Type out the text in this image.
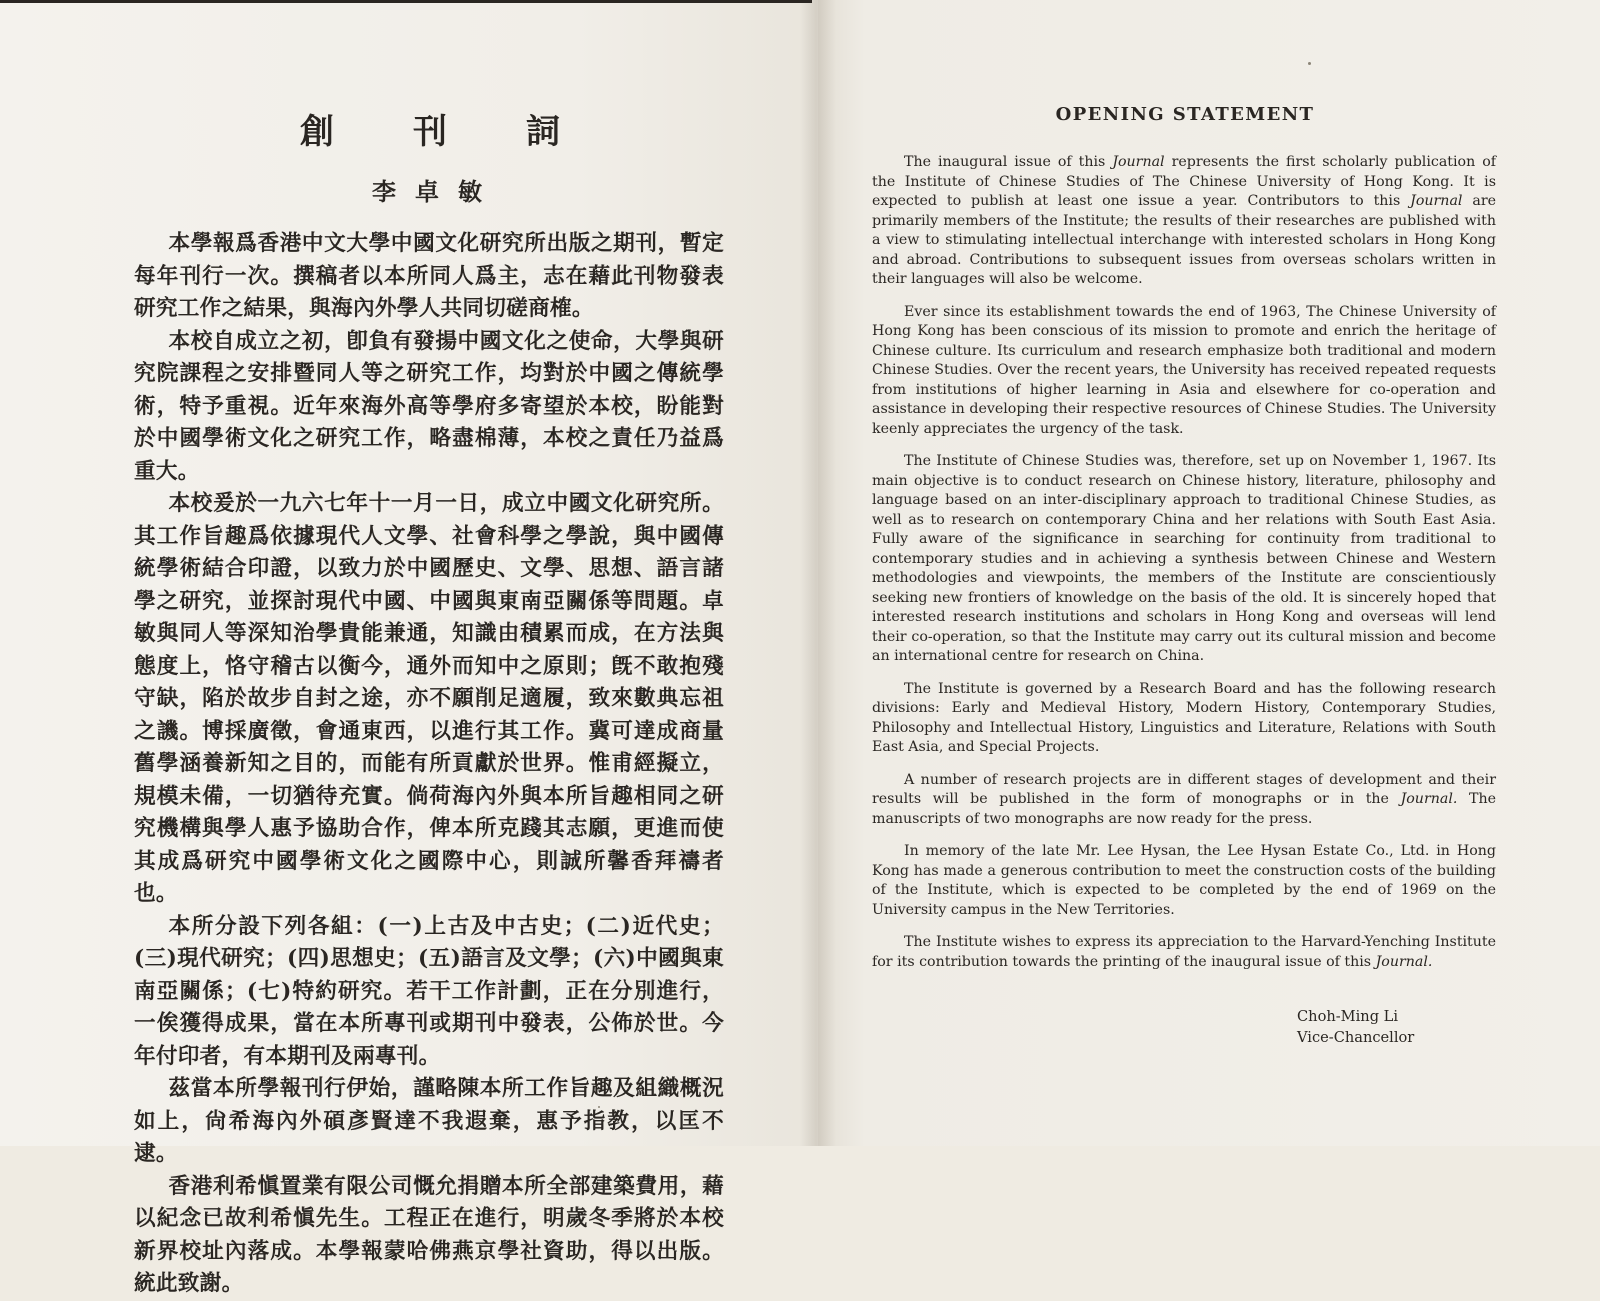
創 刊 詞
李 卓 敏

本學報爲香港中文大學中國文化研究所出版之期刊，暫定每年刊行一次。撰稿者以本所同人爲主，志在藉此刊物發表研究工作之結果，與海內外學人共同切磋商榷。

本校自成立之初，卽負有發揚中國文化之使命，大學與研究院課程之安排暨同人等之研究工作，均對於中國之傳統學術，特予重視。近年來海外高等學府多寄望於本校，盼能對於中國學術文化之研究工作，略盡棉薄，本校之責任乃益爲重大。

本校爰於一九六七年十一月一日，成立中國文化研究所。其工作旨趣爲依據現代人文學、社會科學之學說，與中國傳統學術結合印證，以致力於中國歷史、文學、思想、語言諸學之研究，並探討現代中國、中國與東南亞關係等問題。卓敏與同人等深知治學貴能兼通，知識由積累而成，在方法與態度上，恪守稽古以衡今，通外而知中之原則；旣不敢抱殘守缺，陷於故步自封之途，亦不願削足適履，致來數典忘祖之譏。博採廣徵，會通東西，以進行其工作。冀可達成商量舊學涵養新知之目的，而能有所貢獻於世界。惟甫經擬立，規模未備，一切猶待充實。倘荷海內外與本所旨趣相同之研究機構與學人惠予協助合作，俾本所克踐其志願，更進而使其成爲研究中國學術文化之國際中心，則誠所馨香拜禱者也。

本所分設下列各組：(一)上古及中古史；(二)近代史；(三)現代研究；(四)思想史；(五)語言及文學；(六)中國與東南亞關係；(七)特約研究。若干工作計劃，正在分別進行，一俟獲得成果，當在本所專刊或期刊中發表，公佈於世。今年付印者，有本期刊及兩專刊。

茲當本所學報刊行伊始，謹略陳本所工作旨趣及組織概況如上，尙希海內外碩彥賢達不我遐棄，惠予指教，以匡不逮。

香港利希愼置業有限公司慨允捐贈本所全部建築費用，藉以紀念已故利希愼先生。工程正在進行，明歲冬季將於本校新界校址內落成。本學報蒙哈佛燕京學社資助，得以出版。統此致謝。

OPENING STATEMENT

The inaugural issue of this Journal represents the first scholarly publication of the Institute of Chinese Studies of The Chinese University of Hong Kong. It is expected to publish at least one issue a year. Contributors to this Journal are primarily members of the Institute; the results of their researches are published with a view to stimulating intellectual interchange with interested scholars in Hong Kong and abroad. Contributions to subsequent issues from overseas scholars written in their languages will also be welcome.

Ever since its establishment towards the end of 1963, The Chinese University of Hong Kong has been conscious of its mission to promote and enrich the heritage of Chinese culture. Its curriculum and research emphasize both traditional and modern Chinese Studies. Over the recent years, the University has received repeated requests from institutions of higher learning in Asia and elsewhere for co-operation and assistance in developing their respective resources of Chinese Studies. The University keenly appreciates the urgency of the task.

The Institute of Chinese Studies was, therefore, set up on November 1, 1967. Its main objective is to conduct research on Chinese history, literature, philosophy and language based on an inter-disciplinary approach to traditional Chinese Studies, as well as to research on contemporary China and her relations with South East Asia. Fully aware of the significance in searching for continuity from traditional to contemporary studies and in achieving a synthesis between Chinese and Western methodologies and viewpoints, the members of the Institute are conscientiously seeking new frontiers of knowledge on the basis of the old. It is sincerely hoped that interested research institutions and scholars in Hong Kong and overseas will lend their co-operation, so that the Institute may carry out its cultural mission and become an international centre for research on China.

The Institute is governed by a Research Board and has the following research divisions: Early and Medieval History, Modern History, Contemporary Studies, Philosophy and Intellectual History, Linguistics and Literature, Relations with South East Asia, and Special Projects.

A number of research projects are in different stages of development and their results will be published in the form of monographs or in the Journal. The manuscripts of two monographs are now ready for the press.

In memory of the late Mr. Lee Hysan, the Lee Hysan Estate Co., Ltd. in Hong Kong has made a generous contribution to meet the construction costs of the building of the Institute, which is expected to be completed by the end of 1969 on the University campus in the New Territories.

The Institute wishes to express its appreciation to the Harvard-Yenching Institute for its contribution towards the printing of the inaugural issue of this Journal.

Choh-Ming Li
Vice-Chancellor
